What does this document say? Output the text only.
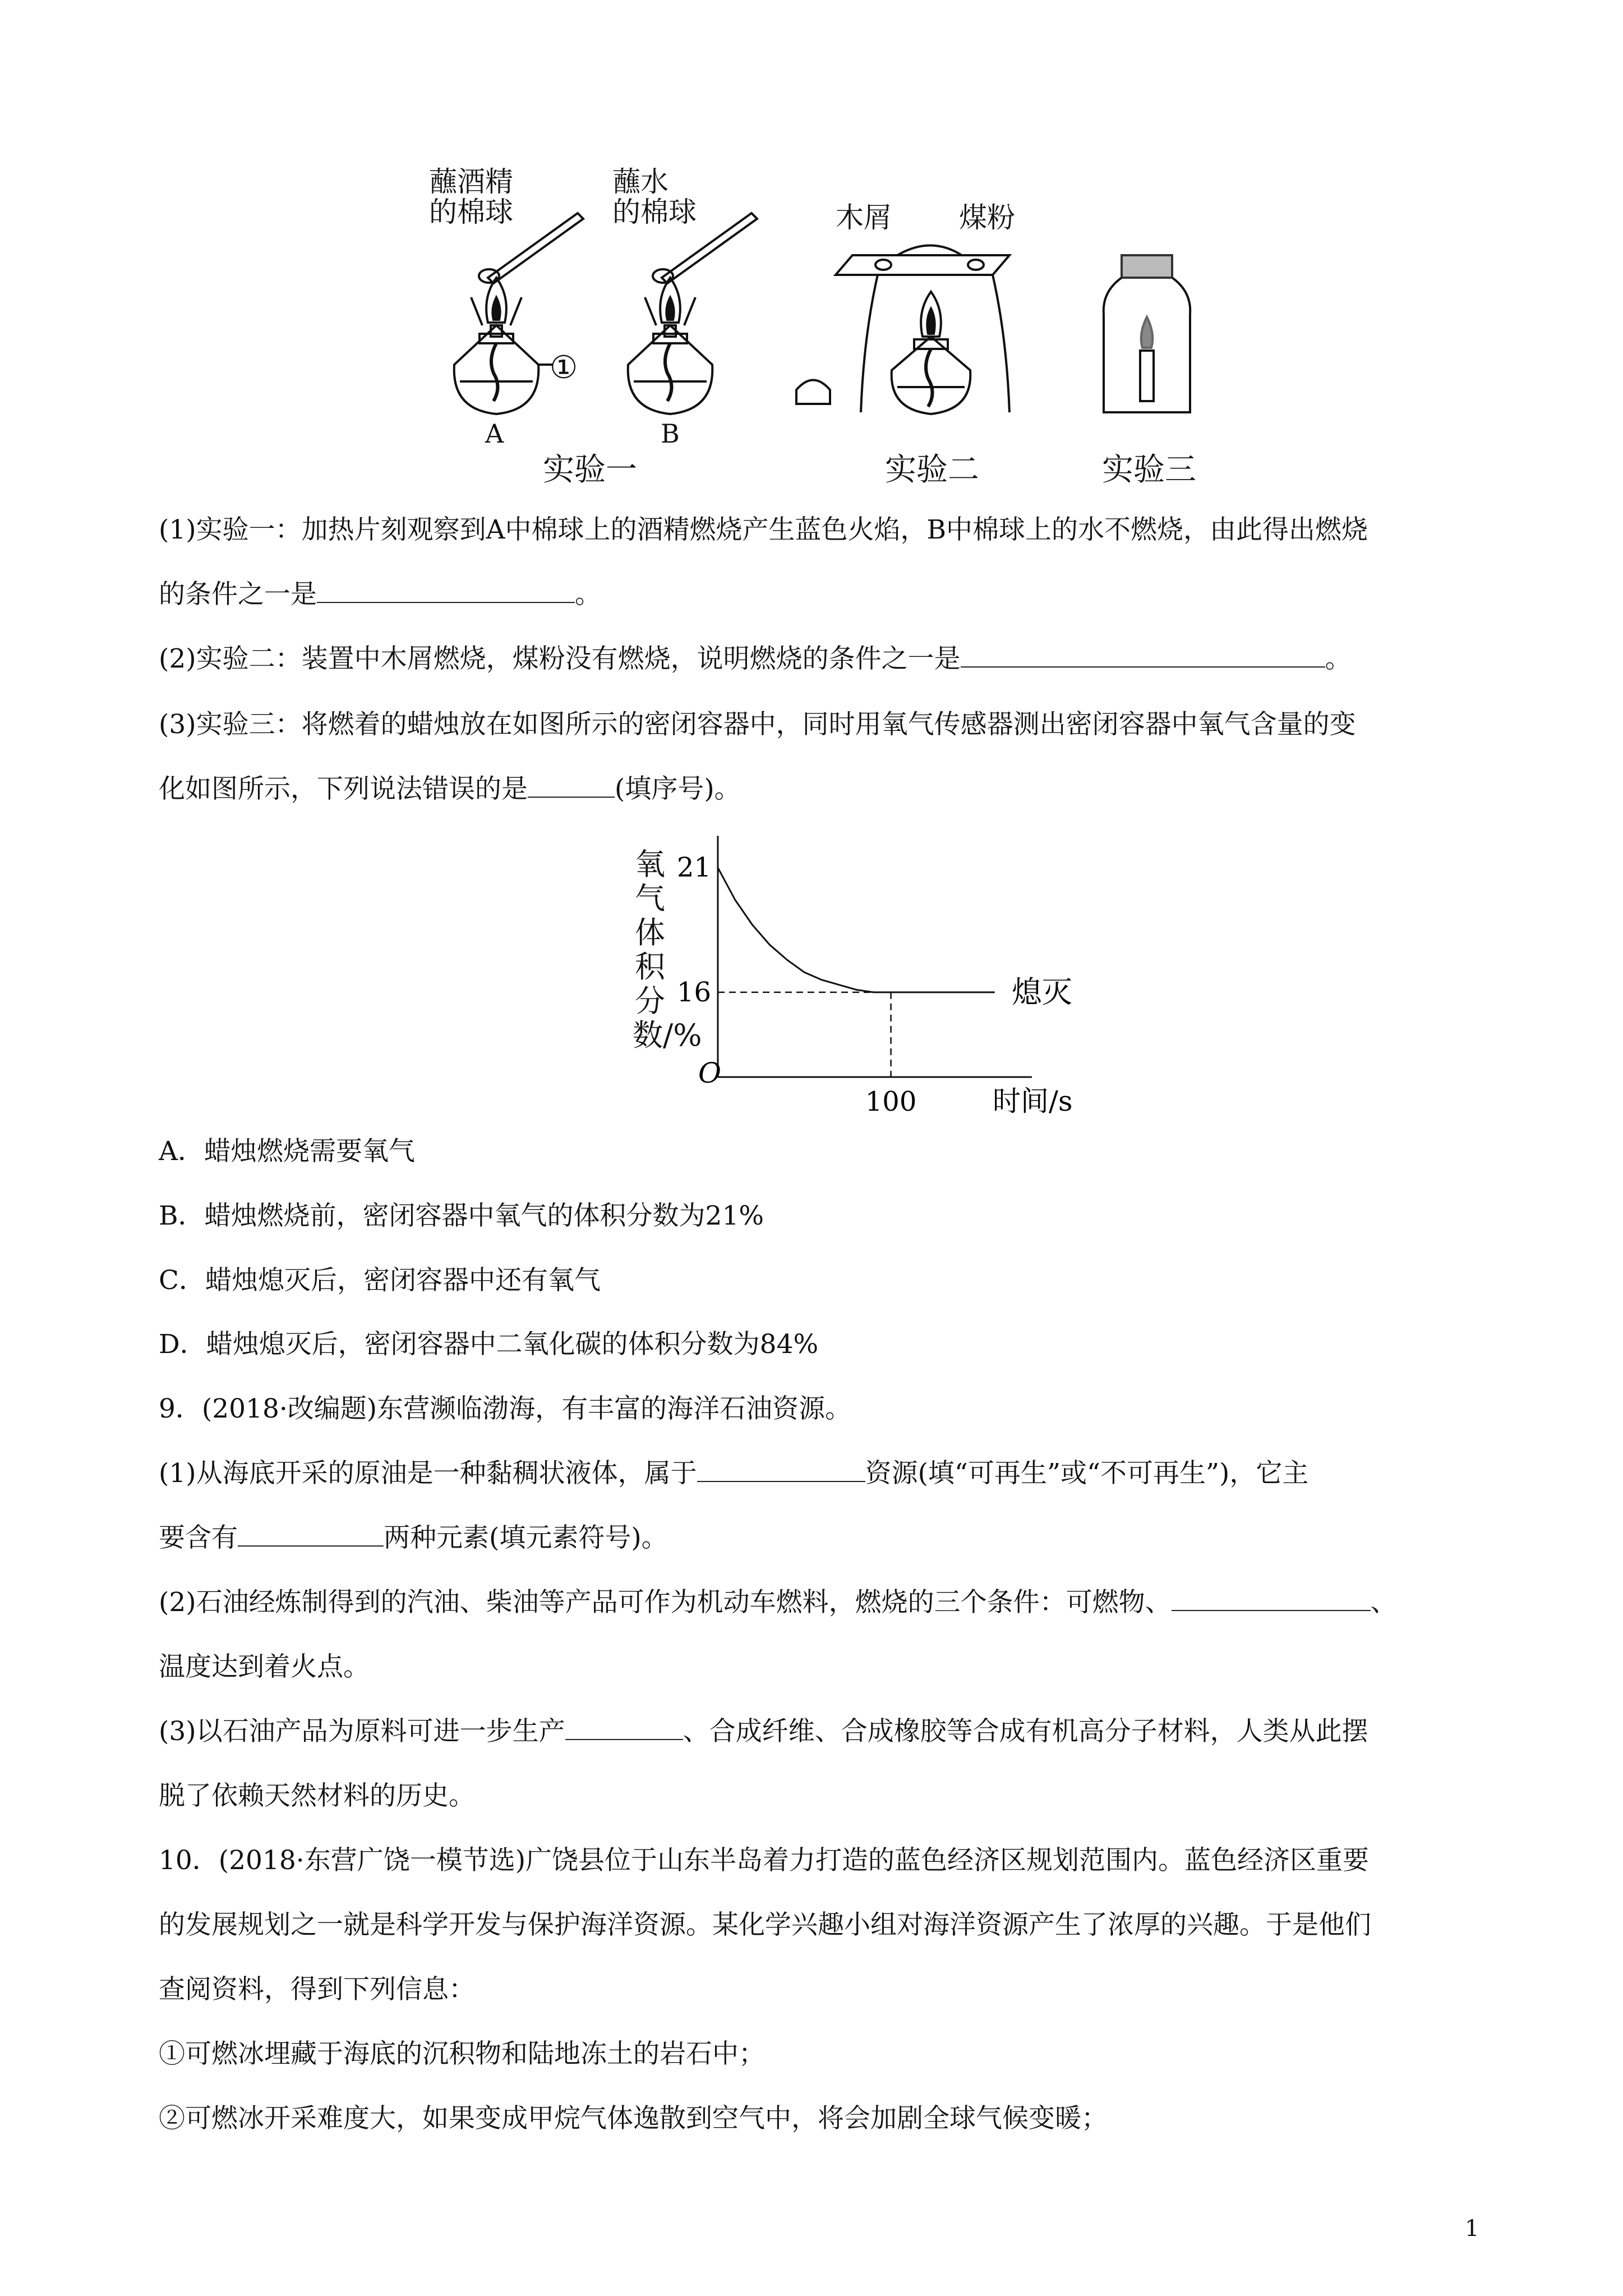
蘸酒精
的棉球
蘸水
的棉球	木屑 煤粉
①
A	B
实验一	实验二	实验三
(1)实验一：加热片刻观察到A中棉球上的酒精燃烧产生蓝色火焰，B中棉球上的水不燃烧，由此得出燃烧
的条件之一是	。
(2)实验二：装置中木屑燃烧，煤粉没有燃烧，说明燃烧的条件之一是	。
(3)实验三：将燃着的蜡烛放在如图所示的密闭容器中，同时用氧气传感器测出密闭容器中氧气含量的变
化如图所示，下列说法错误的是	(填序号)。
氧气体积分数/%
O
21
16
100	时间/s
熄灭
A．蜡烛燃烧需要氧气
B．蜡烛燃烧前，密闭容器中氧气的体积分数为21%
C．蜡烛熄灭后，密闭容器中还有氧气
D．蜡烛熄灭后，密闭容器中二氧化碳的体积分数为84%
9．(2018·改编题)东营濒临渤海，有丰富的海洋石油资源。
(1)从海底开采的原油是一种黏稠状液体，属于	资源(填“可再生”或“不可再生”)，它主
要含有	两种元素(填元素符号)。
(2)石油经炼制得到的汽油、柴油等产品可作为机动车燃料，燃烧的三个条件：可燃物、	、
温度达到着火点。
(3)以石油产品为原料可进一步生产	、合成纤维、合成橡胶等合成有机高分子材料，人类从此摆
脱了依赖天然材料的历史。
10．(2018·东营广饶一模节选)广饶县位于山东半岛着力打造的蓝色经济区规划范围内。蓝色经济区重要
的发展规划之一就是科学开发与保护海洋资源。某化学兴趣小组对海洋资源产生了浓厚的兴趣。于是他们
查阅资料，得到下列信息：
①可燃冰埋藏于海底的沉积物和陆地冻土的岩石中；
②可燃冰开采难度大，如果变成甲烷气体逸散到空气中，将会加剧全球气候变暖；
1
